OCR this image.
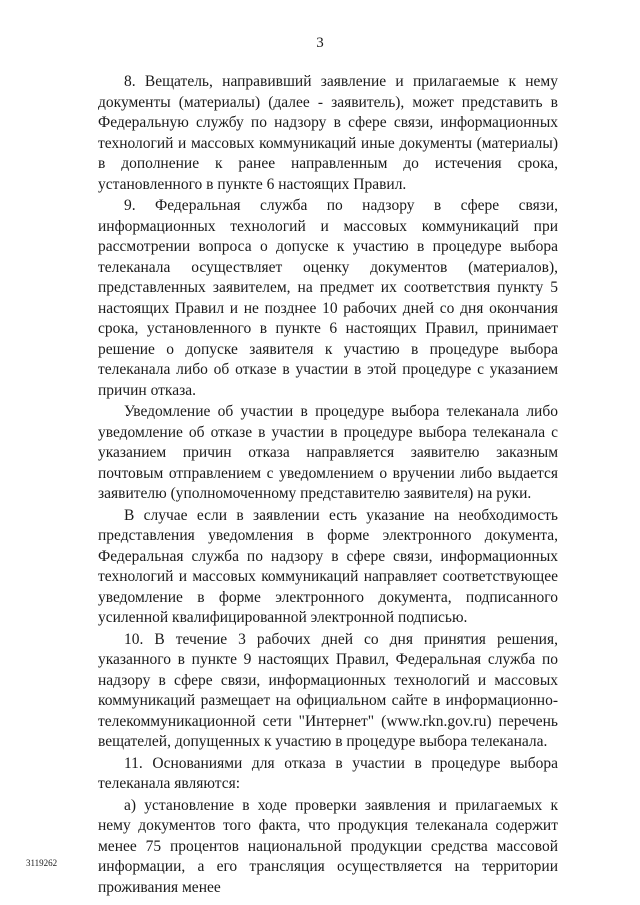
3

8. Вещатель, направивший заявление и прилагаемые к нему документы (материалы) (далее - заявитель), может представить в Федеральную службу по надзору в сфере связи, информационных технологий и массовых коммуникаций иные документы (материалы) в дополнение к ранее направленным до истечения срока, установленного в пункте 6 настоящих Правил.

9. Федеральная служба по надзору в сфере связи, информационных технологий и массовых коммуникаций при рассмотрении вопроса о допуске к участию в процедуре выбора телеканала осуществляет оценку документов (материалов), представленных заявителем, на предмет их соответствия пункту 5 настоящих Правил и не позднее 10 рабочих дней со дня окончания срока, установленного в пункте 6 настоящих Правил, принимает решение о допуске заявителя к участию в процедуре выбора телеканала либо об отказе в участии в этой процедуре с указанием причин отказа.

Уведомление об участии в процедуре выбора телеканала либо уведомление об отказе в участии в процедуре выбора телеканала с указанием причин отказа направляется заявителю заказным почтовым отправлением с уведомлением о вручении либо выдается заявителю (уполномоченному представителю заявителя) на руки.

В случае если в заявлении есть указание на необходимость представления уведомления в форме электронного документа, Федеральная служба по надзору в сфере связи, информационных технологий и массовых коммуникаций направляет соответствующее уведомление в форме электронного документа, подписанного усиленной квалифицированной электронной подписью.

10. В течение 3 рабочих дней со дня принятия решения, указанного в пункте 9 настоящих Правил, Федеральная служба по надзору в сфере связи, информационных технологий и массовых коммуникаций размещает на официальном сайте в информационно-телекоммуникационной сети "Интернет" (www.rkn.gov.ru) перечень вещателей, допущенных к участию в процедуре выбора телеканала.

11. Основаниями для отказа в участии в процедуре выбора телеканала являются:

а) установление в ходе проверки заявления и прилагаемых к нему документов того факта, что продукция телеканала содержит менее 75 процентов национальной продукции средства массовой информации, а его трансляция осуществляется на территории проживания менее

3119262
